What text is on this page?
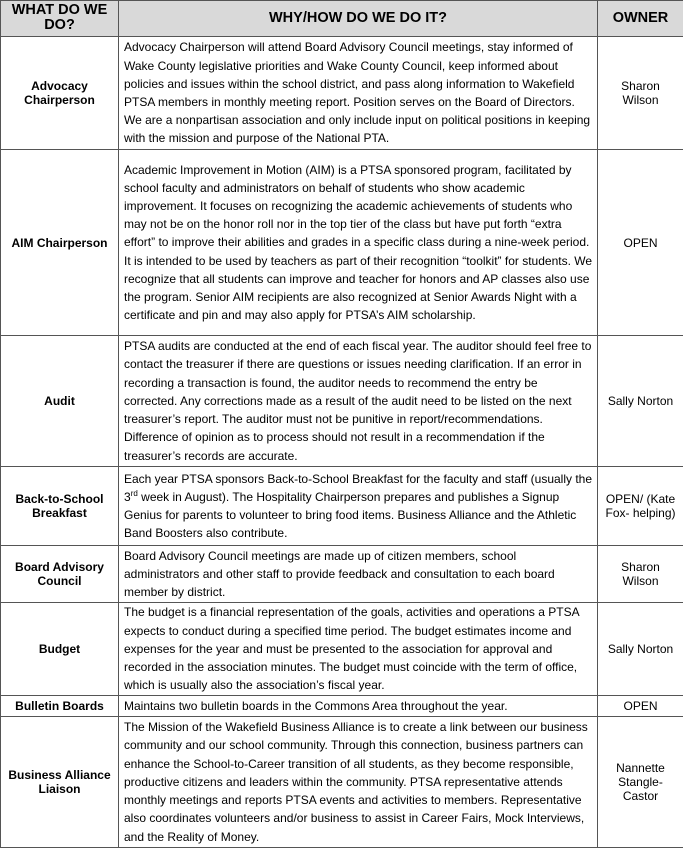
WHAT DO WE DO?	WHY/HOW DO WE DO IT?	OWNER
Advocacy Chairperson	Advocacy Chairperson will attend Board Advisory Council meetings, stay informed of Wake County legislative priorities and Wake County Council, keep informed about policies and issues within the school district, and pass along information to Wakefield PTSA members in monthly meeting report. Position serves on the Board of Directors. We are a nonpartisan association and only include input on political positions in keeping with the mission and purpose of the National PTA.	Sharon Wilson
AIM Chairperson	Academic Improvement in Motion (AIM) is a PTSA sponsored program, facilitated by school faculty and administrators on behalf of students who show academic improvement. It focuses on recognizing the academic achievements of students who may not be on the honor roll nor in the top tier of the class but have put forth “extra effort” to improve their abilities and grades in a specific class during a nine-week period. It is intended to be used by teachers as part of their recognition “toolkit” for students. We recognize that all students can improve and teacher for honors and AP classes also use the program. Senior AIM recipients are also recognized at Senior Awards Night with a certificate and pin and may also apply for PTSA’s AIM scholarship.	OPEN
Audit	PTSA audits are conducted at the end of each fiscal year. The auditor should feel free to contact the treasurer if there are questions or issues needing clarification. If an error in recording a transaction is found, the auditor needs to recommend the entry be corrected. Any corrections made as a result of the audit need to be listed on the next treasurer’s report. The auditor must not be punitive in report/recommendations. Difference of opinion as to process should not result in a recommendation if the treasurer’s records are accurate.	Sally Norton
Back-to-School Breakfast	Each year PTSA sponsors Back-to-School Breakfast for the faculty and staff (usually the 3rd week in August). The Hospitality Chairperson prepares and publishes a Signup Genius for parents to volunteer to bring food items. Business Alliance and the Athletic Band Boosters also contribute.	OPEN/ (Kate Fox- helping)
Board Advisory Council	Board Advisory Council meetings are made up of citizen members, school administrators and other staff to provide feedback and consultation to each board member by district.	Sharon Wilson
Budget	The budget is a financial representation of the goals, activities and operations a PTSA expects to conduct during a specified time period. The budget estimates income and expenses for the year and must be presented to the association for approval and recorded in the association minutes. The budget must coincide with the term of office, which is usually also the association’s fiscal year.	Sally Norton
Bulletin Boards	Maintains two bulletin boards in the Commons Area throughout the year.	OPEN
Business Alliance Liaison	The Mission of the Wakefield Business Alliance is to create a link between our business community and our school community. Through this connection, business partners can enhance the School-to-Career transition of all students, as they become responsible, productive citizens and leaders within the community. PTSA representative attends monthly meetings and reports PTSA events and activities to members. Representative also coordinates volunteers and/or business to assist in Career Fairs, Mock Interviews, and the Reality of Money.	Nannette Stangle- Castor
